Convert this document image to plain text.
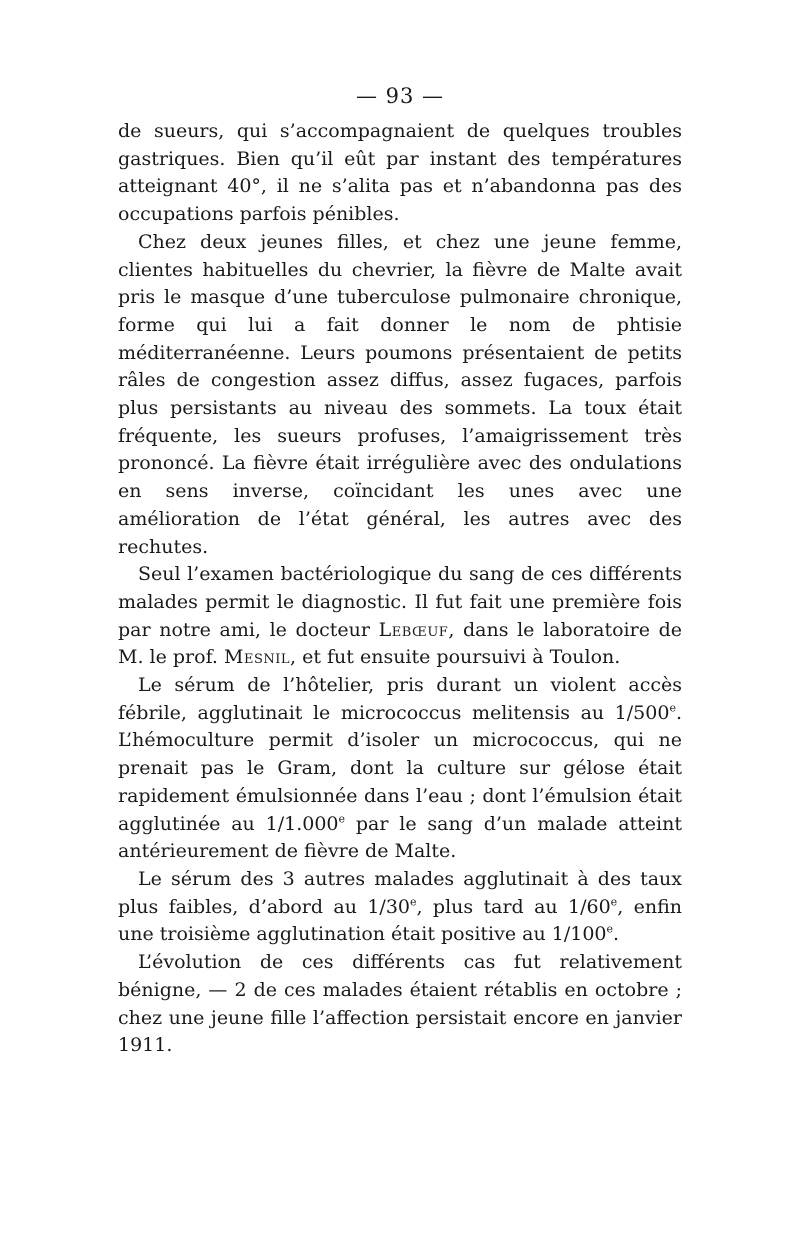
— 93 —

de sueurs, qui s’accompagnaient de quelques troubles gastriques. Bien qu’il eût par instant des températures atteignant 40°, il ne s’alita pas et n’abandonna pas des occupations parfois pénibles.

Chez deux jeunes filles, et chez une jeune femme, clientes habituelles du chevrier, la fièvre de Malte avait pris le masque d’une tuberculose pulmonaire chronique, forme qui lui a fait donner le nom de phtisie méditerranéenne. Leurs poumons présentaient de petits râles de congestion assez diffus, assez fugaces, parfois plus persistants au niveau des sommets. La toux était fréquente, les sueurs profuses, l’amaigrissement très prononcé. La fièvre était irrégulière avec des ondulations en sens inverse, coïncidant les unes avec une amélioration de l’état général, les autres avec des rechutes.

Seul l’examen bactériologique du sang de ces différents malades permit le diagnostic. Il fut fait une première fois par notre ami, le docteur Lebœuf, dans le laboratoire de M. le prof. Mesnil, et fut ensuite poursuivi à Toulon.

Le sérum de l’hôtelier, pris durant un violent accès fébrile, agglutinait le micrococcus melitensis au 1/500e. L’hémoculture permit d’isoler un micrococcus, qui ne prenait pas le Gram, dont la culture sur gélose était rapidement émulsionnée dans l’eau ; dont l’émulsion était agglutinée au 1/1.000e par le sang d’un malade atteint antérieurement de fièvre de Malte.

Le sérum des 3 autres malades agglutinait à des taux plus faibles, d’abord au 1/30e, plus tard au 1/60e, enfin une troisième agglutination était positive au 1/100e.

L’évolution de ces différents cas fut relativement bénigne, — 2 de ces malades étaient rétablis en octobre ; chez une jeune fille l’affection persistait encore en janvier 1911.
